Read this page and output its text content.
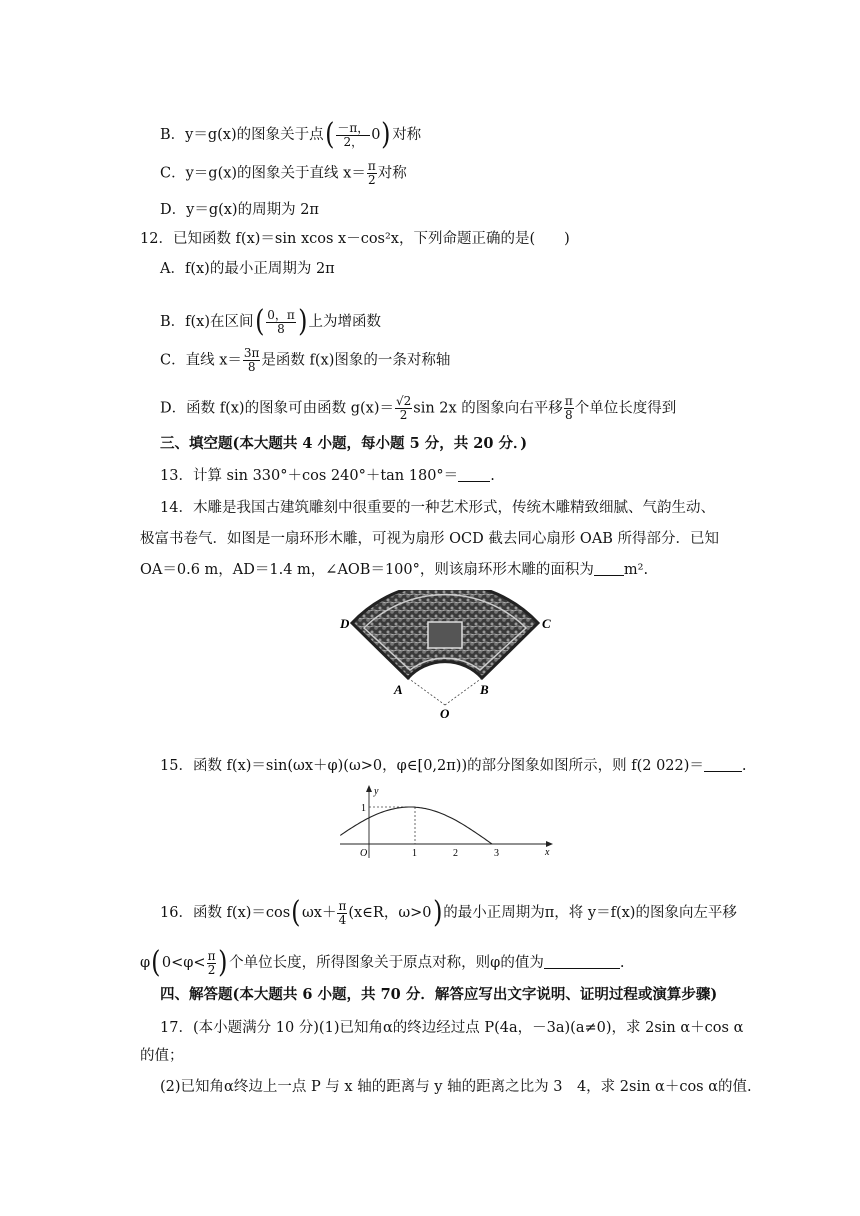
B．y＝g(x)的图象关于点( $\frac{-\pi,}{2,} 0$)对称
C．y＝g(x)的图象关于直线 $x= \frac{\pi}{2}$ 对称
D．y＝g(x)的周期为 2π
12．已知函数 f(x)＝sin xcos x－cos²x，下列命题正确的是(　　)
A．f(x)的最小正周期为 2π
B．f(x)在区间( $\frac{0,\pi}{8}$ )上为增函数
C．直线 $x= \frac{3\pi}{8}$ 是函数 f(x)图象的一条对称轴
D．函数 f(x)的图象可由函数 $g(x)= \frac{√2}{2}$ sin 2x 的图象向右平移 $\frac{\pi}{8}$ 个单位长度得到
三、填空题(本大题共 4 小题，每小题 5 分，共 20 分．)
13．计算 sin 330°＋cos 240°＋tan 180°＝ .
14．木雕是我国古建筑雕刻中很重要的一种艺术形式，传统木雕精致细腻、气韵生动、
极富书卷气．如图是一扇环形木雕，可视为扇形 OCD 截去同心扇形 OAB 所得部分．已知
OA＝0.6 m，AD＝1.4 m，∠AOB＝100°，则该扇环形木雕的面积为 m².
D	C
A	B
O
15．函数 f(x)＝sin(ωx＋φ)(ω>0，φ∈[0,2π))的部分图象如图所示，则 f(2 022)＝	.
y
x
O	1	2	3
1
16．函数 $f(x)=\cos(\omega x+ \frac{\pi}{4}$ (x∈R，ω>0)的最小正周期为π，将 y＝f(x)的图象向左平移
$\varphi(0<\varphi< \frac{\pi}{2}$ )个单位长度，所得图象关于原点对称，则φ的值为	.
四、解答题(本大题共 6 小题，共 70 分．解答应写出文字说明、证明过程或演算步骤)
17．(本小题满分 10 分)(1)已知角α的终边经过点 P(4a，－3a)(a≠0)，求 2sin α＋cos α
的值；
(2)已知角α终边上一点 P 与 x 轴的距离与 y 轴的距离之比为 3　4，求 2sin α＋cos α的值.
